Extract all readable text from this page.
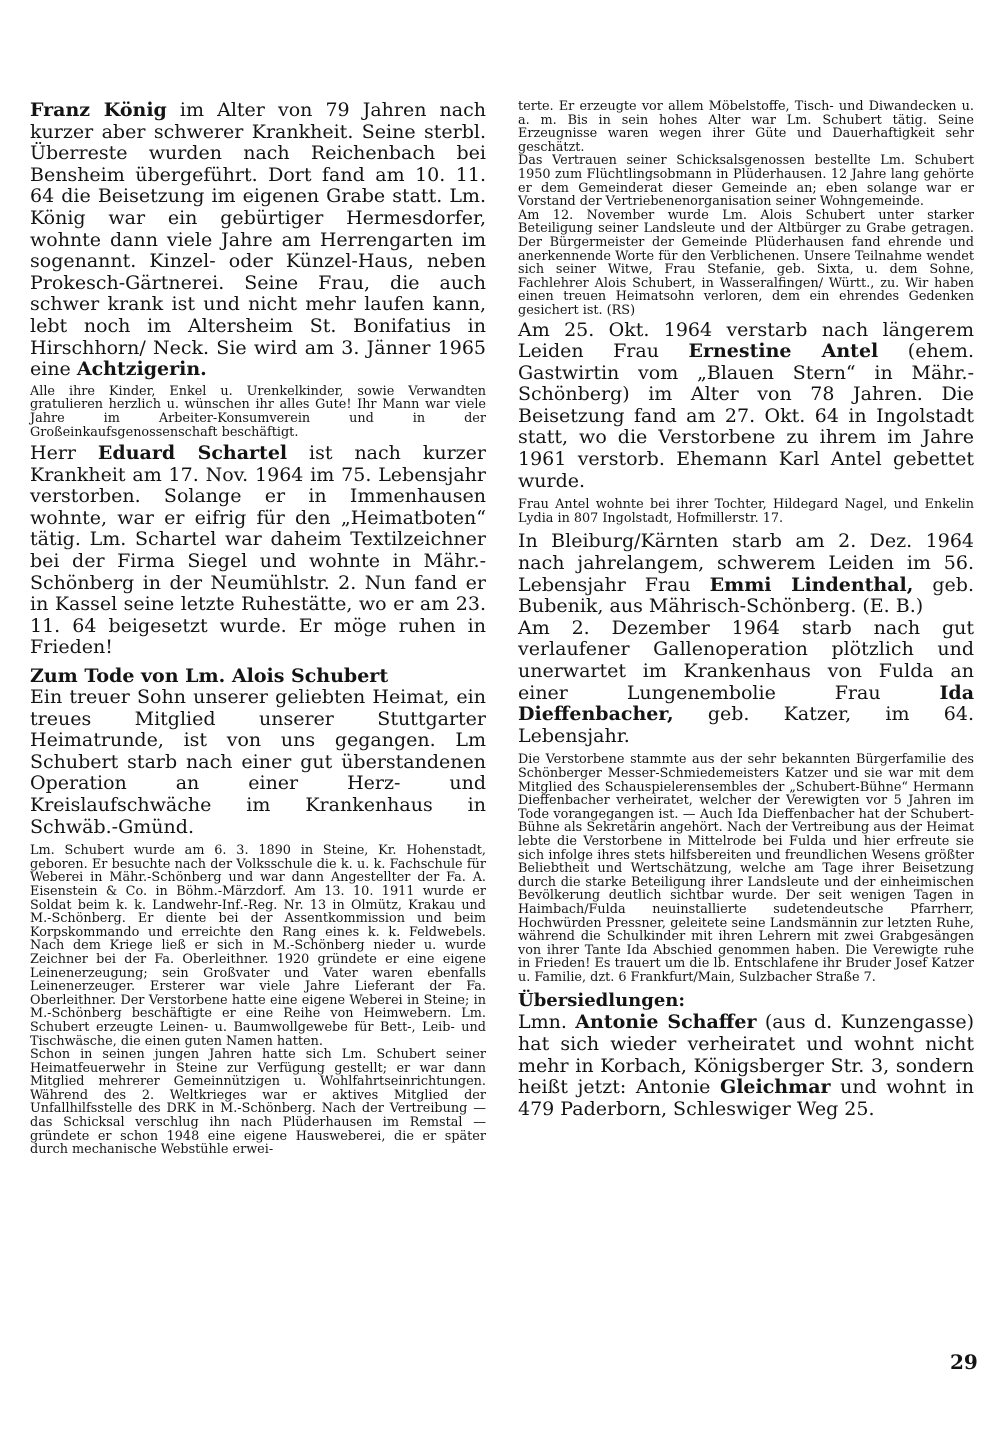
Franz König im Alter von 79 Jahren nach kurzer aber schwerer Krankheit. Seine sterbl. Überreste wurden nach Reichenbach bei Bensheim übergeführt. Dort fand am 10. 11. 64 die Beisetzung im eigenen Grabe statt. Lm. König war ein gebürtiger Hermesdorfer, wohnte dann viele Jahre am Herrengarten im sogenannt. Kinzel- oder Künzel-Haus, neben Prokesch-Gärtnerei. Seine Frau, die auch schwer krank ist und nicht mehr laufen kann, lebt noch im Altersheim St. Bonifatius in Hirschhorn/ Neck. Sie wird am 3. Jänner 1965 eine Achtzigerin.

Alle ihre Kinder, Enkel u. Urenkelkinder, sowie Verwandten gratulieren herzlich u. wünschen ihr alles Gute! Ihr Mann war viele Jahre im Arbeiter-Konsumverein und in der Großeinkaufsgenossenschaft beschäftigt.

Herr Eduard Schartel ist nach kurzer Krankheit am 17. Nov. 1964 im 75. Lebensjahr verstorben. Solange er in Immenhausen wohnte, war er eifrig für den „Heimatboten“ tätig. Lm. Schartel war daheim Textilzeichner bei der Firma Siegel und wohnte in Mähr.-Schönberg in der Neumühlstr. 2. Nun fand er in Kassel seine letzte Ruhestätte, wo er am 23. 11. 64 beigesetzt wurde. Er möge ruhen in Frieden!

Zum Tode von Lm. Alois Schubert

Ein treuer Sohn unserer geliebten Heimat, ein treues Mitglied unserer Stuttgarter Heimatrunde, ist von uns gegangen. Lm Schubert starb nach einer gut überstandenen Operation an einer Herz- und Kreislaufschwäche im Krankenhaus in Schwäb.-Gmünd.

Lm. Schubert wurde am 6. 3. 1890 in Steine, Kr. Hohenstadt, geboren. Er besuchte nach der Volksschule die k. u. k. Fachschule für Weberei in Mähr.-Schönberg und war dann Angestellter der Fa. A. Eisenstein & Co. in Böhm.-Märzdorf. Am 13. 10. 1911 wurde er Soldat beim k. k. Landwehr-Inf.-Reg. Nr. 13 in Olmütz, Krakau und M.-Schönberg. Er diente bei der Assentkommission und beim Korpskommando und erreichte den Rang eines k. k. Feldwebels. Nach dem Kriege ließ er sich in M.-Schönberg nieder u. wurde Zeichner bei der Fa. Oberleithner. 1920 gründete er eine eigene Leinenerzeugung; sein Großvater und Vater waren ebenfalls Leinenerzeuger. Ersterer war viele Jahre Lieferant der Fa. Oberleithner. Der Verstorbene hatte eine eigene Weberei in Steine; in M.-Schönberg beschäftigte er eine Reihe von Heimwebern. Lm. Schubert erzeugte Leinen- u. Baumwollgewebe für Bett-, Leib- und Tischwäsche, die einen guten Namen hatten.

Schon in seinen jungen Jahren hatte sich Lm. Schubert seiner Heimatfeuerwehr in Steine zur Verfügung gestellt; er war dann Mitglied mehrerer Gemeinnützigen u. Wohlfahrtseinrichtungen. Während des 2. Weltkrieges war er aktives Mitglied der Unfallhilfsstelle des DRK in M.-Schönberg. Nach der Vertreibung — das Schicksal verschlug ihn nach Plüderhausen im Remstal — gründete er schon 1948 eine eigene Hausweberei, die er später durch mechanische Webstühle erwei-

terte. Er erzeugte vor allem Möbelstoffe, Tisch- und Diwandecken u. a. m. Bis in sein hohes Alter war Lm. Schubert tätig. Seine Erzeugnisse waren wegen ihrer Güte und Dauerhaftigkeit sehr geschätzt.

Das Vertrauen seiner Schicksalsgenossen bestellte Lm. Schubert 1950 zum Flüchtlingsobmann in Plüderhausen. 12 Jahre lang gehörte er dem Gemeinderat dieser Gemeinde an; eben solange war er Vorstand der Vertriebenenorganisation seiner Wohngemeinde.

Am 12. November wurde Lm. Alois Schubert unter starker Beteiligung seiner Landsleute und der Altbürger zu Grabe getragen. Der Bürgermeister der Gemeinde Plüderhausen fand ehrende und anerkennende Worte für den Verblichenen. Unsere Teilnahme wendet sich seiner Witwe, Frau Stefanie, geb. Sixta, u. dem Sohne, Fachlehrer Alois Schubert, in Wasseralfingen/ Württ., zu. Wir haben einen treuen Heimatsohn verloren, dem ein ehrendes Gedenken gesichert ist. (RS)

Am 25. Okt. 1964 verstarb nach längerem Leiden Frau Ernestine Antel (ehem. Gastwirtin vom „Blauen Stern“ in Mähr.-Schönberg) im Alter von 78 Jahren. Die Beisetzung fand am 27. Okt. 64 in Ingolstadt statt, wo die Verstorbene zu ihrem im Jahre 1961 verstorb. Ehemann Karl Antel gebettet wurde.

Frau Antel wohnte bei ihrer Tochter, Hildegard Nagel, und Enkelin Lydia in 807 Ingolstadt, Hofmillerstr. 17.

In Bleiburg/Kärnten starb am 2. Dez. 1964 nach jahrelangem, schwerem Leiden im 56. Lebensjahr Frau Emmi Lindenthal, geb. Bubenik, aus Mährisch-Schönberg. (E. B.)

Am 2. Dezember 1964 starb nach gut verlaufener Gallenoperation plötzlich und unerwartet im Krankenhaus von Fulda an einer Lungenembolie Frau Ida Dieffenbacher, geb. Katzer, im 64. Lebensjahr.

Die Verstorbene stammte aus der sehr bekannten Bürgerfamilie des Schönberger Messer-Schmiedemeisters Katzer und sie war mit dem Mitglied des Schauspielerensembles der „Schubert-Bühne“ Hermann Dieffenbacher verheiratet, welcher der Verewigten vor 5 Jahren im Tode vorangegangen ist. — Auch Ida Dieffenbacher hat der Schubert-Bühne als Sekretärin angehört. Nach der Vertreibung aus der Heimat lebte die Verstorbene in Mittelrode bei Fulda und hier erfreute sie sich infolge ihres stets hilfsbereiten und freundlichen Wesens größter Beliebtheit und Wertschätzung, welche am Tage ihrer Beisetzung durch die starke Beteiligung ihrer Landsleute und der einheimischen Bevölkerung deutlich sichtbar wurde. Der seit wenigen Tagen in Haimbach/Fulda neuinstallierte sudetendeutsche Pfarrherr, Hochwürden Pressner, geleitete seine Landsmännin zur letzten Ruhe, während die Schulkinder mit ihren Lehrern mit zwei Grabgesängen von ihrer Tante Ida Abschied genommen haben. Die Verewigte ruhe in Frieden! Es trauert um die lb. Entschlafene ihr Bruder Josef Katzer u. Familie, dzt. 6 Frankfurt/Main, Sulzbacher Straße 7.

Übersiedlungen:

Lmn. Antonie Schaffer (aus d. Kunzengasse) hat sich wieder verheiratet und wohnt nicht mehr in Korbach, Königsberger Str. 3, sondern heißt jetzt: Antonie Gleichmar und wohnt in 479 Paderborn, Schleswiger Weg 25.

29
